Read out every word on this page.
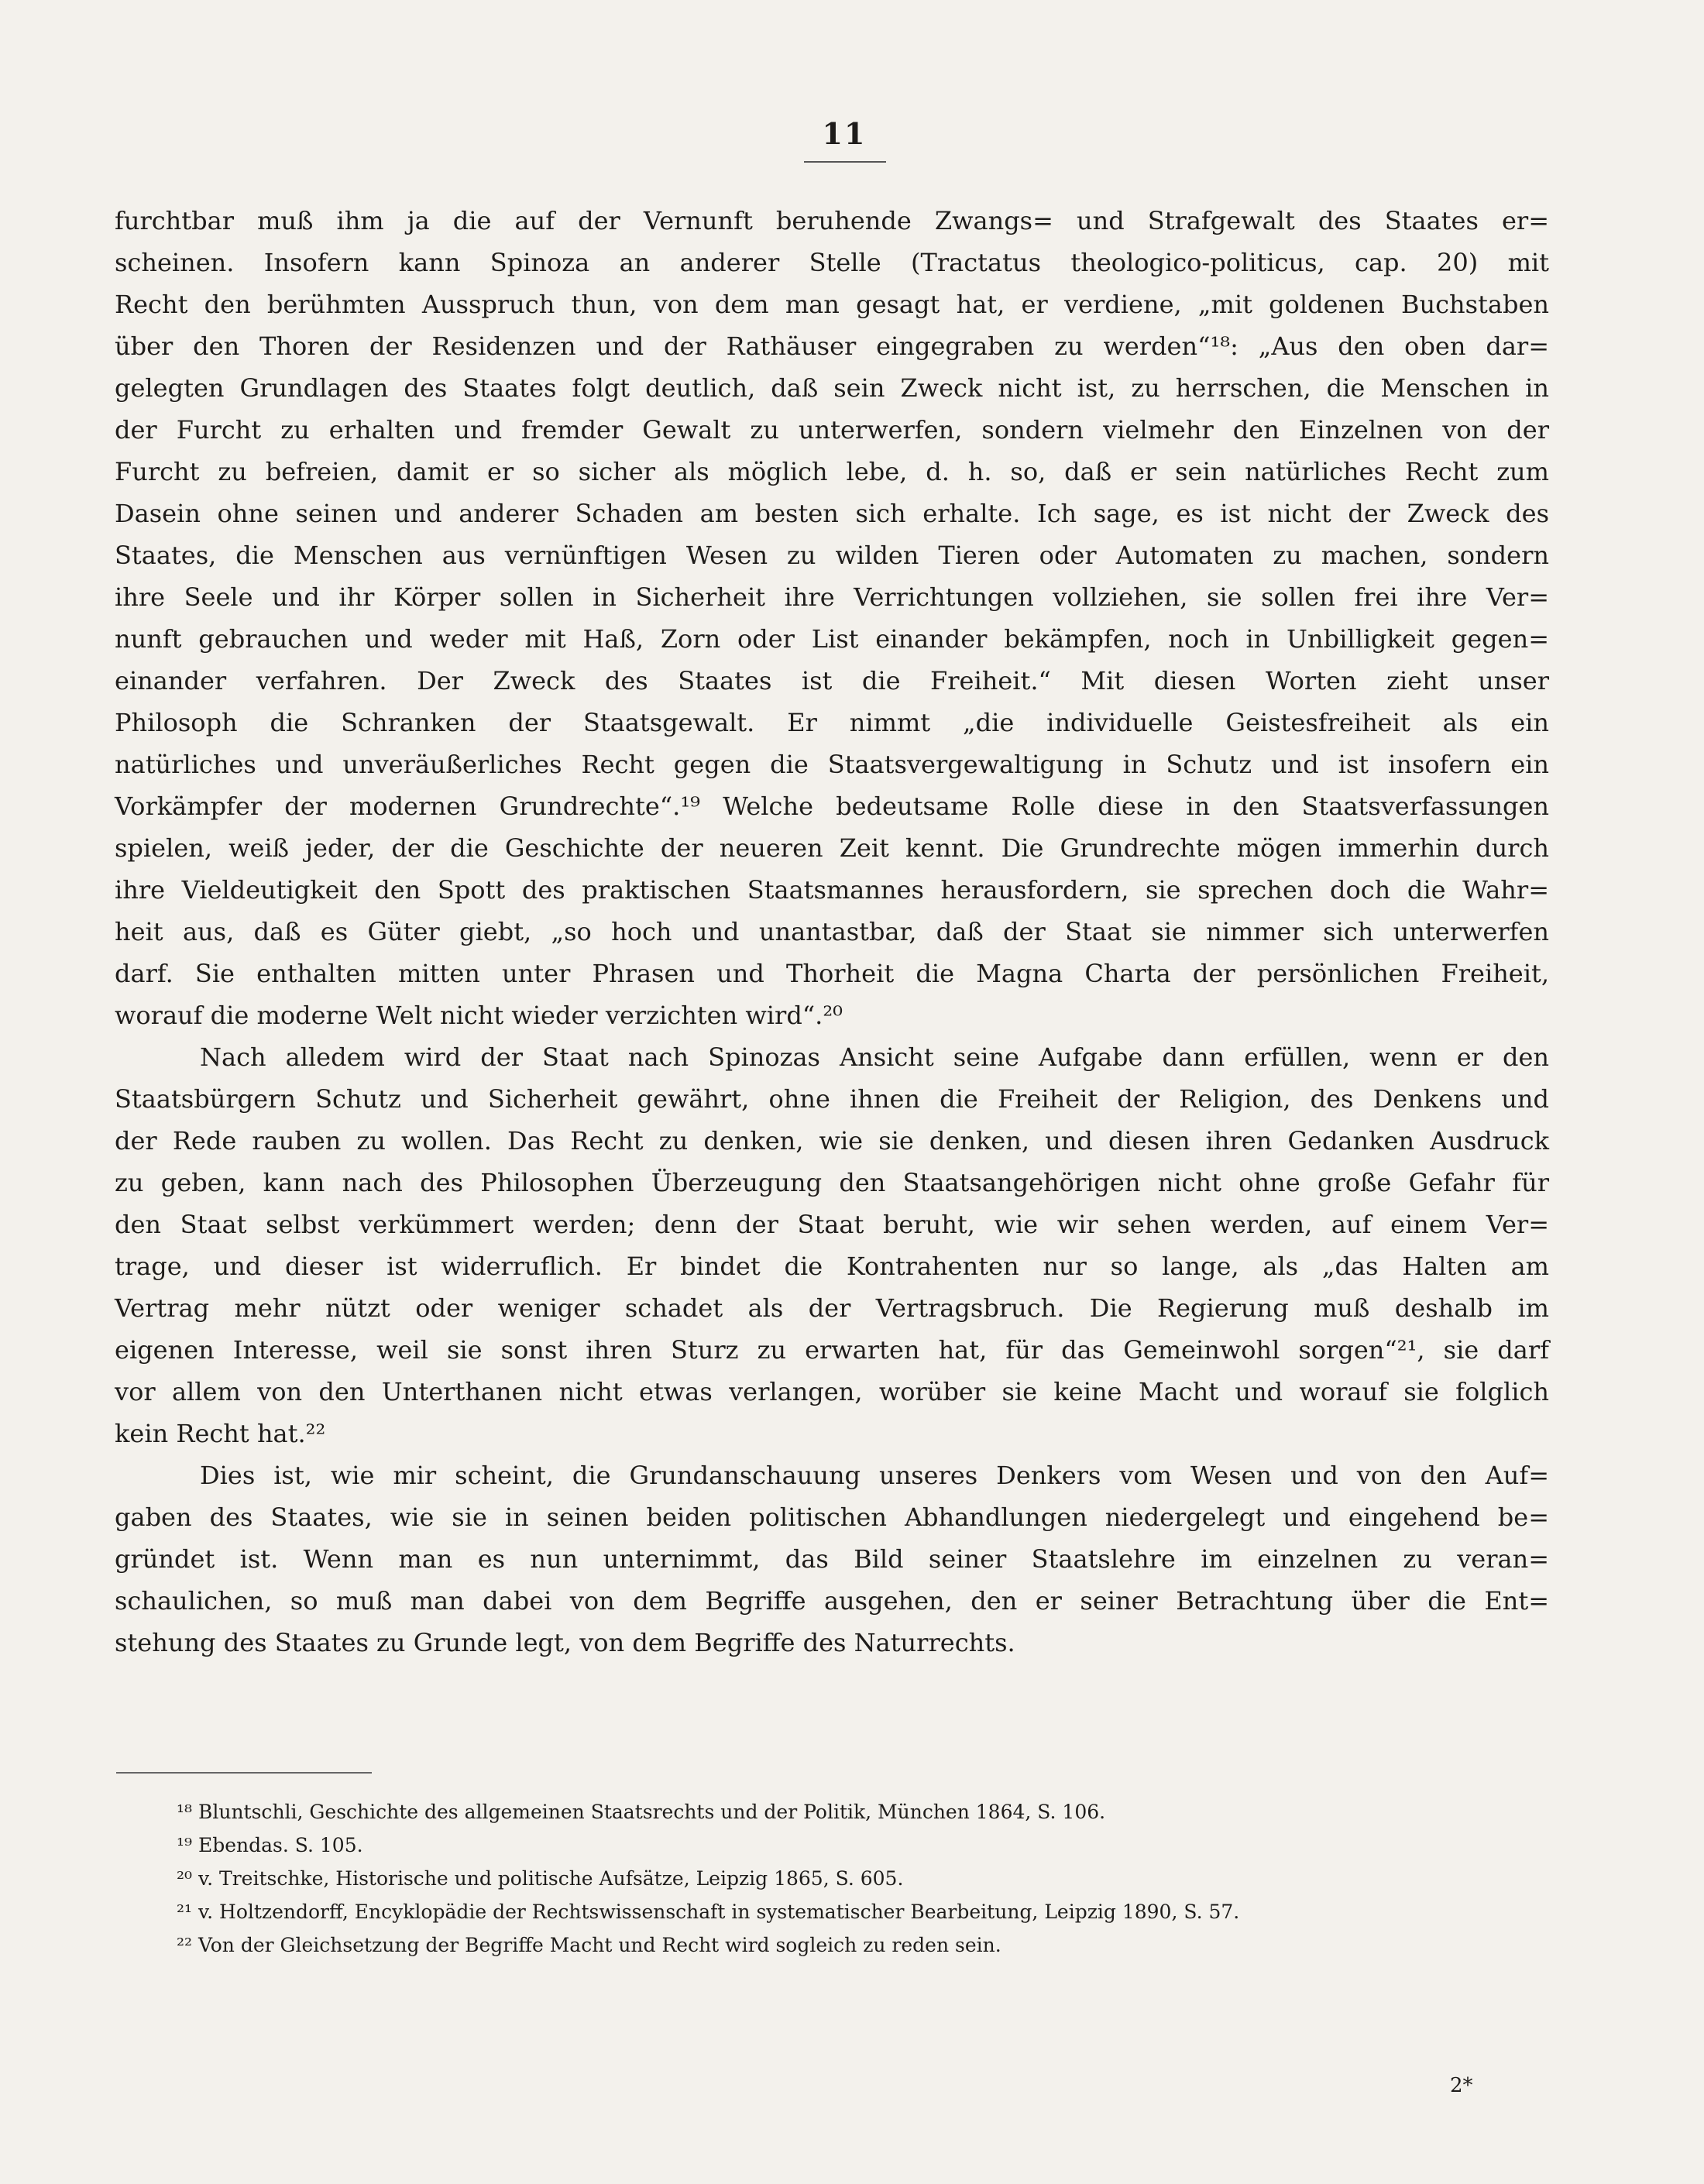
11
furchtbar muß ihm ja die auf der Vernunft beruhende Zwangs= und Strafgewalt des Staates er=
scheinen. Insofern kann Spinoza an anderer Stelle (Tractatus theologico-politicus, cap. 20) mit
Recht den berühmten Ausspruch thun, von dem man gesagt hat, er verdiene, „mit goldenen Buchstaben
über den Thoren der Residenzen und der Rathäuser eingegraben zu werden“¹⁸: „Aus den oben dar=
gelegten Grundlagen des Staates folgt deutlich, daß sein Zweck nicht ist, zu herrschen, die Menschen in
der Furcht zu erhalten und fremder Gewalt zu unterwerfen, sondern vielmehr den Einzelnen von der
Furcht zu befreien, damit er so sicher als möglich lebe, d. h. so, daß er sein natürliches Recht zum
Dasein ohne seinen und anderer Schaden am besten sich erhalte. Ich sage, es ist nicht der Zweck des
Staates, die Menschen aus vernünftigen Wesen zu wilden Tieren oder Automaten zu machen, sondern
ihre Seele und ihr Körper sollen in Sicherheit ihre Verrichtungen vollziehen, sie sollen frei ihre Ver=
nunft gebrauchen und weder mit Haß, Zorn oder List einander bekämpfen, noch in Unbilligkeit gegen=
einander verfahren. Der Zweck des Staates ist die Freiheit.“ Mit diesen Worten zieht unser
Philosoph die Schranken der Staatsgewalt. Er nimmt „die individuelle Geistesfreiheit als ein
natürliches und unveräußerliches Recht gegen die Staatsvergewaltigung in Schutz und ist insofern ein
Vorkämpfer der modernen Grundrechte“.¹⁹ Welche bedeutsame Rolle diese in den Staatsverfassungen
spielen, weiß jeder, der die Geschichte der neueren Zeit kennt. Die Grundrechte mögen immerhin durch
ihre Vieldeutigkeit den Spott des praktischen Staatsmannes herausfordern, sie sprechen doch die Wahr=
heit aus, daß es Güter giebt, „so hoch und unantastbar, daß der Staat sie nimmer sich unterwerfen
darf. Sie enthalten mitten unter Phrasen und Thorheit die Magna Charta der persönlichen Freiheit,
worauf die moderne Welt nicht wieder verzichten wird“.²⁰
Nach alledem wird der Staat nach Spinozas Ansicht seine Aufgabe dann erfüllen, wenn er den
Staatsbürgern Schutz und Sicherheit gewährt, ohne ihnen die Freiheit der Religion, des Denkens und
der Rede rauben zu wollen. Das Recht zu denken, wie sie denken, und diesen ihren Gedanken Ausdruck
zu geben, kann nach des Philosophen Überzeugung den Staatsangehörigen nicht ohne große Gefahr für
den Staat selbst verkümmert werden; denn der Staat beruht, wie wir sehen werden, auf einem Ver=
trage, und dieser ist widerruflich. Er bindet die Kontrahenten nur so lange, als „das Halten am
Vertrag mehr nützt oder weniger schadet als der Vertragsbruch. Die Regierung muß deshalb im
eigenen Interesse, weil sie sonst ihren Sturz zu erwarten hat, für das Gemeinwohl sorgen“²¹, sie darf
vor allem von den Unterthanen nicht etwas verlangen, worüber sie keine Macht und worauf sie folglich
kein Recht hat.²²
Dies ist, wie mir scheint, die Grundanschauung unseres Denkers vom Wesen und von den Auf=
gaben des Staates, wie sie in seinen beiden politischen Abhandlungen niedergelegt und eingehend be=
gründet ist. Wenn man es nun unternimmt, das Bild seiner Staatslehre im einzelnen zu veran=
schaulichen, so muß man dabei von dem Begriffe ausgehen, den er seiner Betrachtung über die Ent=
stehung des Staates zu Grunde legt, von dem Begriffe des Naturrechts.
¹⁸ Bluntschli, Geschichte des allgemeinen Staatsrechts und der Politik, München 1864, S. 106.
¹⁹ Ebendas. S. 105.
²⁰ v. Treitschke, Historische und politische Aufsätze, Leipzig 1865, S. 605.
²¹ v. Holtzendorff, Encyklopädie der Rechtswissenschaft in systematischer Bearbeitung, Leipzig 1890, S. 57.
²² Von der Gleichsetzung der Begriffe Macht und Recht wird sogleich zu reden sein.
2*
